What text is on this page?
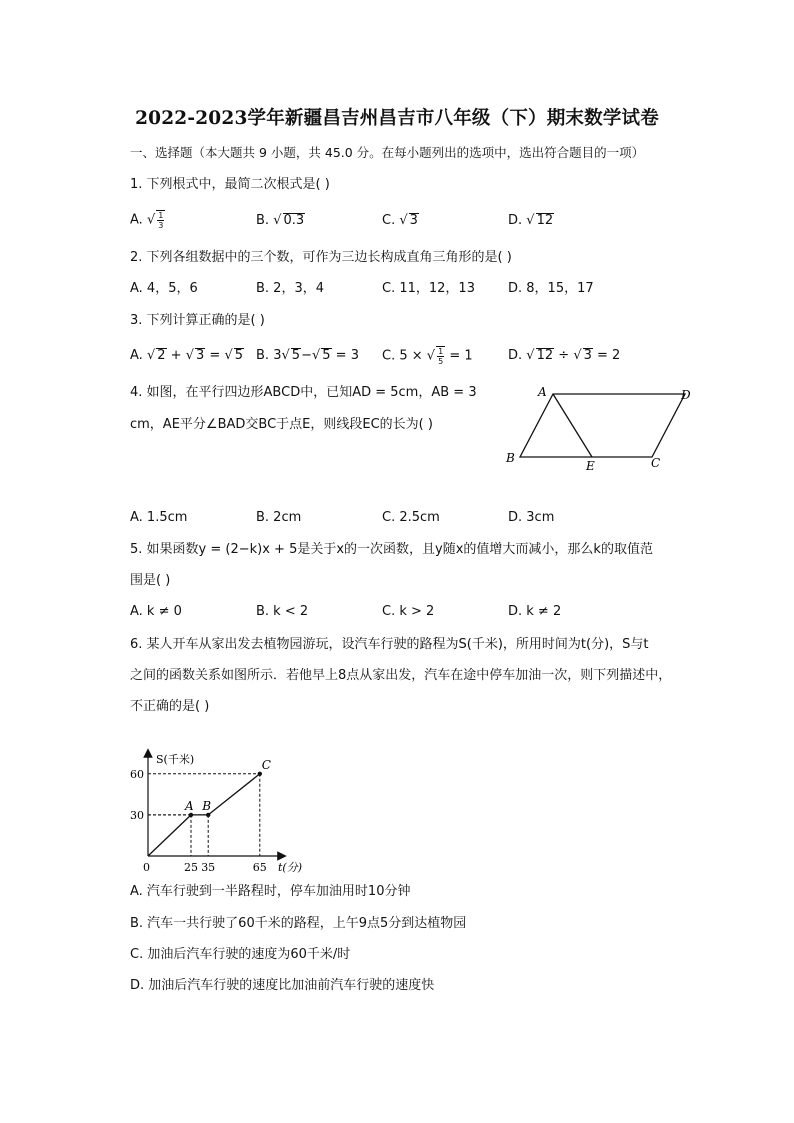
2022-2023学年新疆昌吉州昌吉市八年级（下）期末数学试卷
一、选择题（本大题共 9 小题，共 45.0 分。在每小题列出的选项中，选出符合题目的一项）
1. 下列根式中，最简二次根式是( )
A. √ $\frac{1}{3}$	B. √ 0.3	C. √ 3	D. √ 12
2. 下列各组数据中的三个数，可作为三边长构成直角三角形的是( )
A. 4，5，6	B. 2，3，4	C. 11，12，13	D. 8，15，17
3. 下列计算正确的是( )
A. √ 2 + √ 3 = √ 5 B. 3√ 5−√ 5 = 3 C. 5 × √ $\frac{1}{5} = 1$	D. √ 12 ÷ √ 3 = 2
4. 如图，在平行四边形ABCD中，已知AD = 5cm，AB = 3
cm，AE平分∠BAD交BC于点E，则线段EC的长为( )
A	D
B
E	C
A. 1.5cm	B. 2cm	C. 2.5cm	D. 3cm
5. 如果函数y = (2−k)x + 5是关于x的一次函数，且y随x的值增大而减小，那么k的取值范
围是( )
A. k ≠ 0	B. k < 2	C. k > 2	D. k ≠ 2
6. 某人开车从家出发去植物园游玩，设汽车行驶的路程为S(千米)，所用时间为t(分)，S与t
之间的函数关系如图所示．若他早上8点从家出发，汽车在途中停车加油一次，则下列描述中，
不正确的是( )
S(千米)
t(分)
A B
C
0	25 35	65
30
60
A. 汽车行驶到一半路程时，停车加油用时10分钟
B. 汽车一共行驶了60千米的路程，上午9点5分到达植物园
C. 加油后汽车行驶的速度为60千米/时
D. 加油后汽车行驶的速度比加油前汽车行驶的速度快
